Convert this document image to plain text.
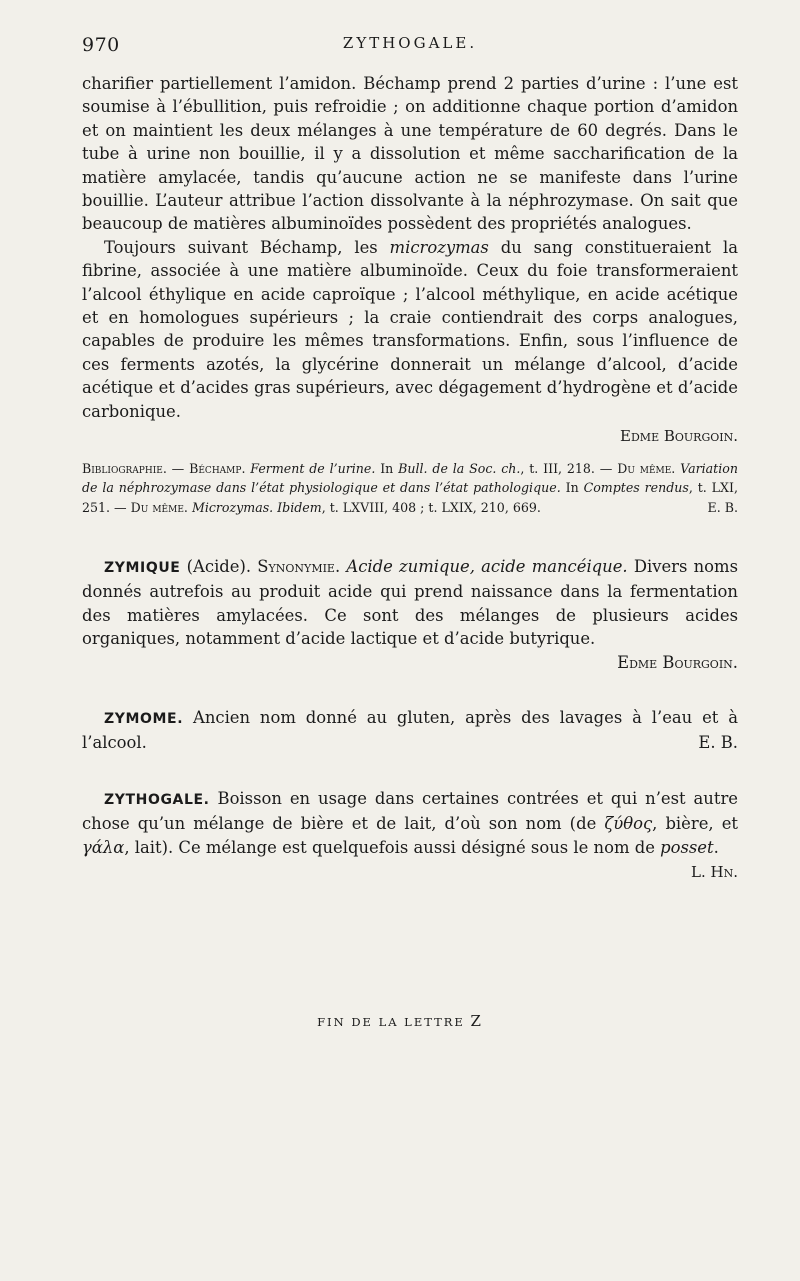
970	ZYTHOGALE.

charifier partiellement l’amidon. Béchamp prend 2 parties d’urine : l’une est soumise à l’ébullition, puis refroidie ; on additionne chaque portion d’amidon et on maintient les deux mélanges à une température de 60 degrés. Dans le tube à urine non bouillie, il y a dissolution et même saccharification de la matière amylacée, tandis qu’aucune action ne se manifeste dans l’urine bouillie. L’auteur attribue l’action dissolvante à la néphrozymase. On sait que beaucoup de matières albuminoïdes possèdent des propriétés analogues.

Toujours suivant Béchamp, les microzymas du sang constitueraient la fibrine, associée à une matière albuminoïde. Ceux du foie transformeraient l’alcool éthylique en acide caproïque ; l’alcool méthylique, en acide acétique et en homologues supérieurs ; la craie contiendrait des corps analogues, capables de produire les mêmes transformations. Enfin, sous l’influence de ces ferments azotés, la glycérine donnerait un mélange d’alcool, d’acide acétique et d’acides gras supérieurs, avec dégagement d’hydrogène et d’acide carbonique.

Edme Bourgoin.

Bibliographie. — Béchamp. Ferment de l’urine. In Bull. de la Soc. ch., t. III, 218. — Du même. Variation de la néphrozymase dans l’état physiologique et dans l’état pathologique. In Comptes rendus, t. LXI, 251. — Du même. Microzymas. Ibidem, t. LXVIII, 408 ; t. LXIX, 210, 669.	E. B.

ZYMIQUE (Acide). Synonymie. Acide zumique, acide mancéique. Divers noms donnés autrefois au produit acide qui prend naissance dans la fermentation des matières amylacées. Ce sont des mélanges de plusieurs acides organiques, notamment d’acide lactique et d’acide butyrique.
Edme Bourgoin.

ZYMOME. Ancien nom donné au gluten, après des lavages à l’eau et à l’alcool.	E. B.

ZYTHOGALE. Boisson en usage dans certaines contrées et qui n’est autre chose qu’un mélange de bière et de lait, d’où son nom (de ζύθος, bière, et γάλα, lait). Ce mélange est quelquefois aussi désigné sous le nom de posset.

L. Hn.
FIN DE LA LETTRE Z
